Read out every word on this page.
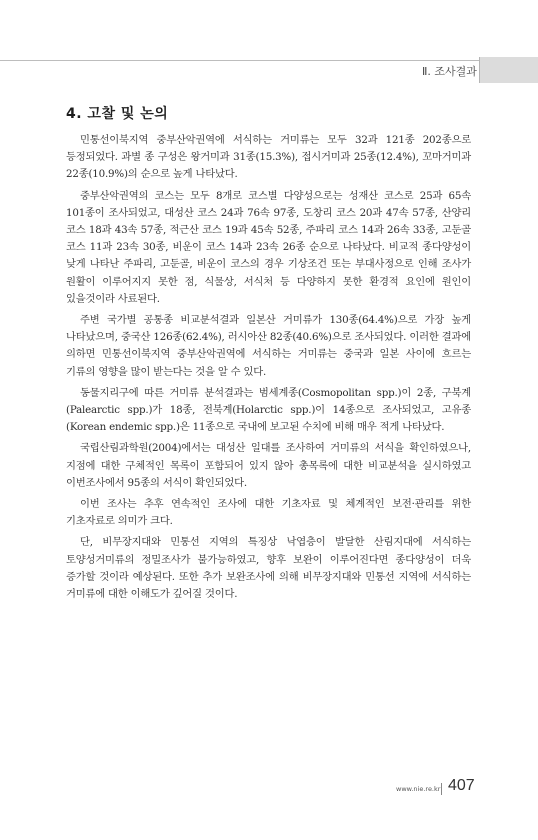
Ⅱ. 조사결과
4. 고찰 및 논의

민통선이북지역 중부산악권역에 서식하는 거미류는 모두 32과 121종 202종으로 등정되었다. 과별 종 구성은 왕거미과 31종(15.3%), 접시거미과 25종(12.4%), 꼬마거미과 22종(10.9%)의 순으로 높게 나타났다.

중부산악권역의 코스는 모두 8개로 코스별 다양성으로는 성재산 코스로 25과 65속 101종이 조사되었고, 대성산 코스 24과 76속 97종, 도창리 코스 20과 47속 57종, 산양리 코스 18과 43속 57종, 적근산 코스 19과 45속 52종, 주파리 코스 14과 26속 33종, 고둔골 코스 11과 23속 30종, 비운이 코스 14과 23속 26종 순으로 나타났다. 비교적 종다양성이 낮게 나타난 주파리, 고둔골, 비운이 코스의 경우 기상조건 또는 부대사정으로 인해 조사가 원활이 이루어지지 못한 점, 식물상, 서식처 등 다양하지 못한 환경적 요인에 원인이 있을것이라 사료된다.

주변 국가별 공통종 비교분석결과 일본산 거미류가 130종(64.4%)으로 가장 높게 나타났으며, 중국산 126종(62.4%), 러시아산 82종(40.6%)으로 조사되었다. 이러한 결과에 의하면 민통선이북지역 중부산악권역에 서식하는 거미류는 중국과 일본 사이에 흐르는 기류의 영향을 많이 받는다는 것을 알 수 있다.

동물지리구에 따른 거미류 분석결과는 범세계종(Cosmopolitan spp.)이 2종, 구북계(Palearctic spp.)가 18종, 전북계(Holarctic spp.)이 14종으로 조사되었고, 고유종(Korean endemic spp.)은 11종으로 국내에 보고된 수치에 비해 매우 적게 나타났다.

국립산림과학원(2004)에서는 대성산 일대를 조사하여 거미류의 서식을 확인하였으나, 지점에 대한 구체적인 목록이 포함되어 있지 않아 총목록에 대한 비교분석을 실시하였고 이번조사에서 95종의 서식이 확인되었다.

이번 조사는 추후 연속적인 조사에 대한 기초자료 및 체계적인 보전·관리를 위한 기초자료로 의미가 크다.

단, 비무장지대와 민통선 지역의 특징상 낙엽층이 발달한 산림지대에 서식하는 토양성거미류의 정밀조사가 불가능하였고, 향후 보완이 이루어진다면 종다양성이 더욱 증가할 것이라 예상된다. 또한 추가 보완조사에 의해 비무장지대와 민통선 지역에 서식하는 거미류에 대한 이해도가 깊어질 것이다.

www.nie.re.kr 407
